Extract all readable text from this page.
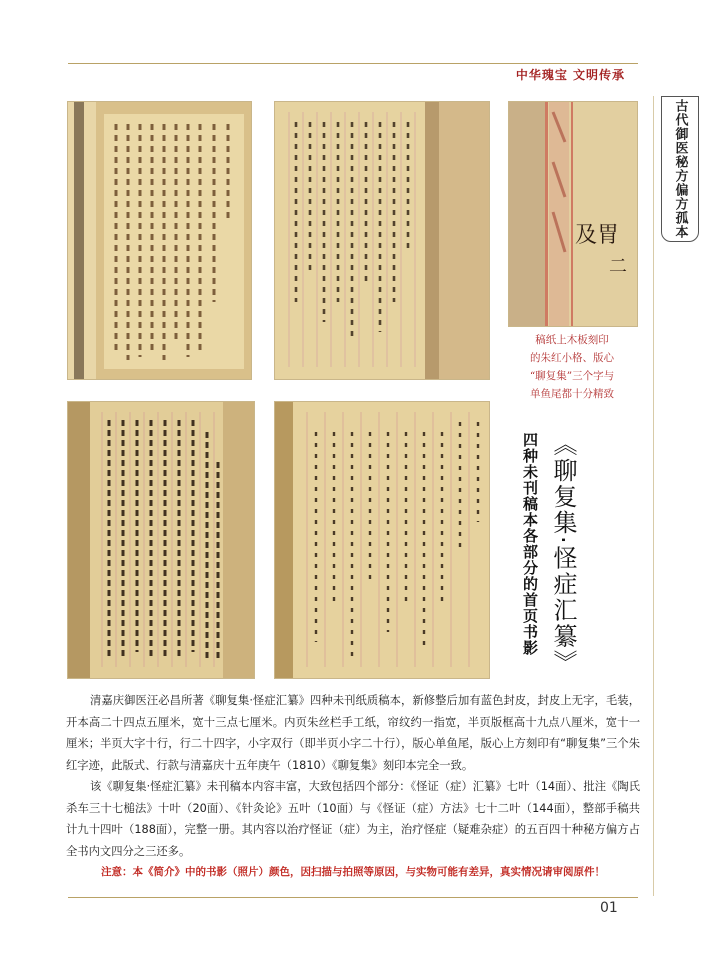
中华瑰宝 文明传承
古代御医秘方偏方孤本
及胃
二
稿纸上木板刻印
的朱红小格、版心
“聊复集”三个字与
单鱼尾都十分精致
《聊复集·怪症汇纂》
四种未刊稿本各部分的首页书影

清嘉庆御医汪必昌所著《聊复集·怪症汇纂》四种未刊纸质稿本，新修整后加有蓝色封皮，封皮上无字，毛装，开本高二十四点五厘米，宽十三点七厘米。内页朱丝栏手工纸，帘纹约一指宽，半页版框高十九点八厘米，宽十一厘米；半页大字十行，行二十四字，小字双行（即半页小字二十行），版心单鱼尾，版心上方刻印有“聊复集”三个朱红字迹，此版式、行款与清嘉庆十五年庚午（1810）《聊复集》刻印本完全一致。

该《聊复集·怪症汇纂》未刊稿本内容丰富，大致包括四个部分：《怪证（症）汇纂》七叶（14面）、批注《陶氏杀车三十七槌法》十叶（20面）、《针灸论》五叶（10面）与《怪证（症）方法》七十二叶（144面），整部手稿共计九十四叶（188面），完整一册。其内容以治疗怪证（症）为主，治疗怪症（疑难杂症）的五百四十种秘方偏方占全书内文四分之三还多。

注意：本《简介》中的书影（照片）颜色，因扫描与拍照等原因，与实物可能有差异，真实情况请审阅原件！
01
